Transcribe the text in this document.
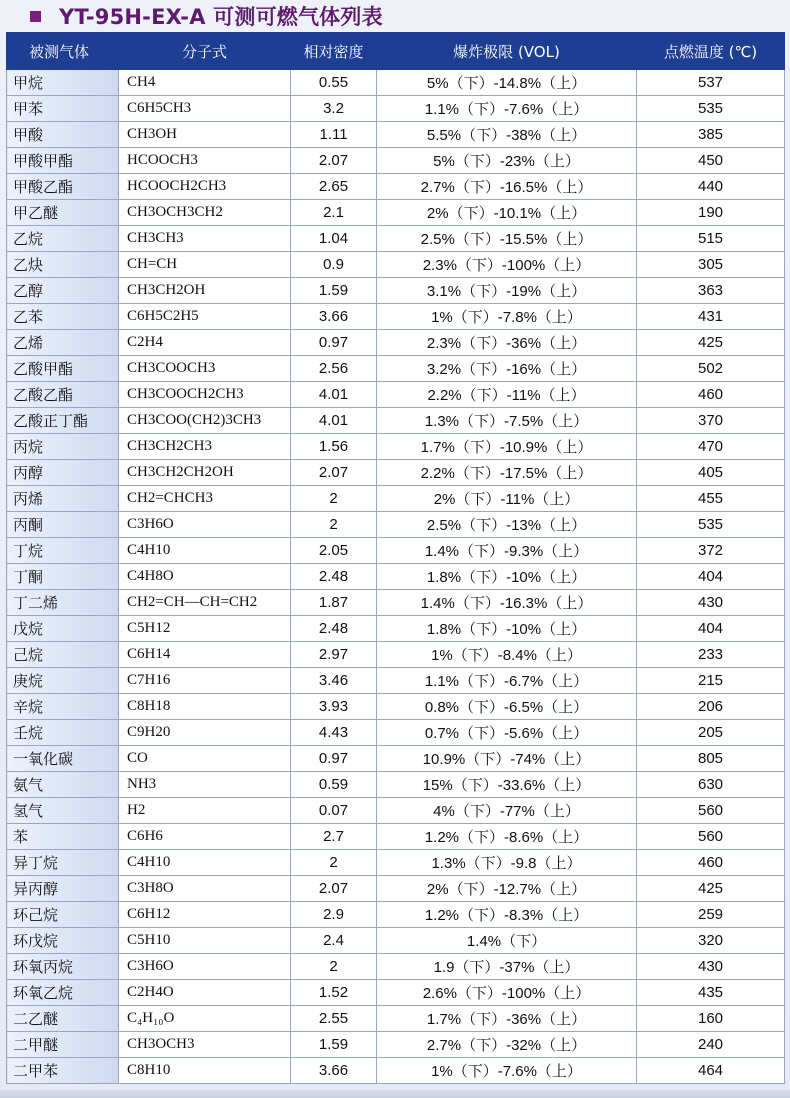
YT-95H-EX-A 可测可燃气体列表
被测气体	分子式	相对密度	爆炸极限 (VOL)	点燃温度 (℃)
甲烷	CH4	0.55	5%（下）-14.8%（上）	537
甲苯	C6H5CH3	3.2	1.1%（下）-7.6%（上）	535
甲酸	CH3OH	1.11	5.5%（下）-38%（上）	385
甲酸甲酯	HCOOCH3	2.07	5%（下）-23%（上）	450
甲酸乙酯	HCOOCH2CH3	2.65	2.7%（下）-16.5%（上）	440
甲乙醚	CH3OCH3CH2	2.1	2%（下）-10.1%（上）	190
乙烷	CH3CH3	1.04	2.5%（下）-15.5%（上）	515
乙炔	CH=CH	0.9	2.3%（下）-100%（上）	305
乙醇	CH3CH2OH	1.59	3.1%（下）-19%（上）	363
乙苯	C6H5C2H5	3.66	1%（下）-7.8%（上）	431
乙烯	C2H4	0.97	2.3%（下）-36%（上）	425
乙酸甲酯	CH3COOCH3	2.56	3.2%（下）-16%（上）	502
乙酸乙酯	CH3COOCH2CH3	4.01	2.2%（下）-11%（上）	460
乙酸正丁酯	CH3COO(CH2)3CH3	4.01	1.3%（下）-7.5%（上）	370
丙烷	CH3CH2CH3	1.56	1.7%（下）-10.9%（上）	470
丙醇	CH3CH2CH2OH	2.07	2.2%（下）-17.5%（上）	405
丙烯	CH2=CHCH3	2	2%（下）-11%（上）	455
丙酮	C3H6O	2	2.5%（下）-13%（上）	535
丁烷	C4H10	2.05	1.4%（下）-9.3%（上）	372
丁酮	C4H8O	2.48	1.8%（下）-10%（上）	404
丁二烯	CH2=CH—CH=CH2	1.87	1.4%（下）-16.3%（上）	430
戊烷	C5H12	2.48	1.8%（下）-10%（上）	404
己烷	C6H14	2.97	1%（下）-8.4%（上）	233
庚烷	C7H16	3.46	1.1%（下）-6.7%（上）	215
辛烷	C8H18	3.93	0.8%（下）-6.5%（上）	206
壬烷	C9H20	4.43	0.7%（下）-5.6%（上）	205
一氧化碳	CO	0.97	10.9%（下）-74%（上）	805
氨气	NH3	0.59	15%（下）-33.6%（上）	630
氢气	H2	0.07	4%（下）-77%（上）	560
苯	C6H6	2.7	1.2%（下）-8.6%（上）	560
异丁烷	C4H10	2	1.3%（下）-9.8（上）	460
异丙醇	C3H8O	2.07	2%（下）-12.7%（上）	425
环己烷	C6H12	2.9	1.2%（下）-8.3%（上）	259
环戊烷	C5H10	2.4	1.4%（下）	320
环氧丙烷	C3H6O	2	1.9（下）-37%（上）	430
环氧乙烷	C2H4O	1.52	2.6%（下）-100%（上）	435
二乙醚	C₄H₁₀O	2.55	1.7%（下）-36%（上）	160
二甲醚	CH3OCH3	1.59	2.7%（下）-32%（上）	240
二甲苯	C8H10	3.66	1%（下）-7.6%（上）	464
